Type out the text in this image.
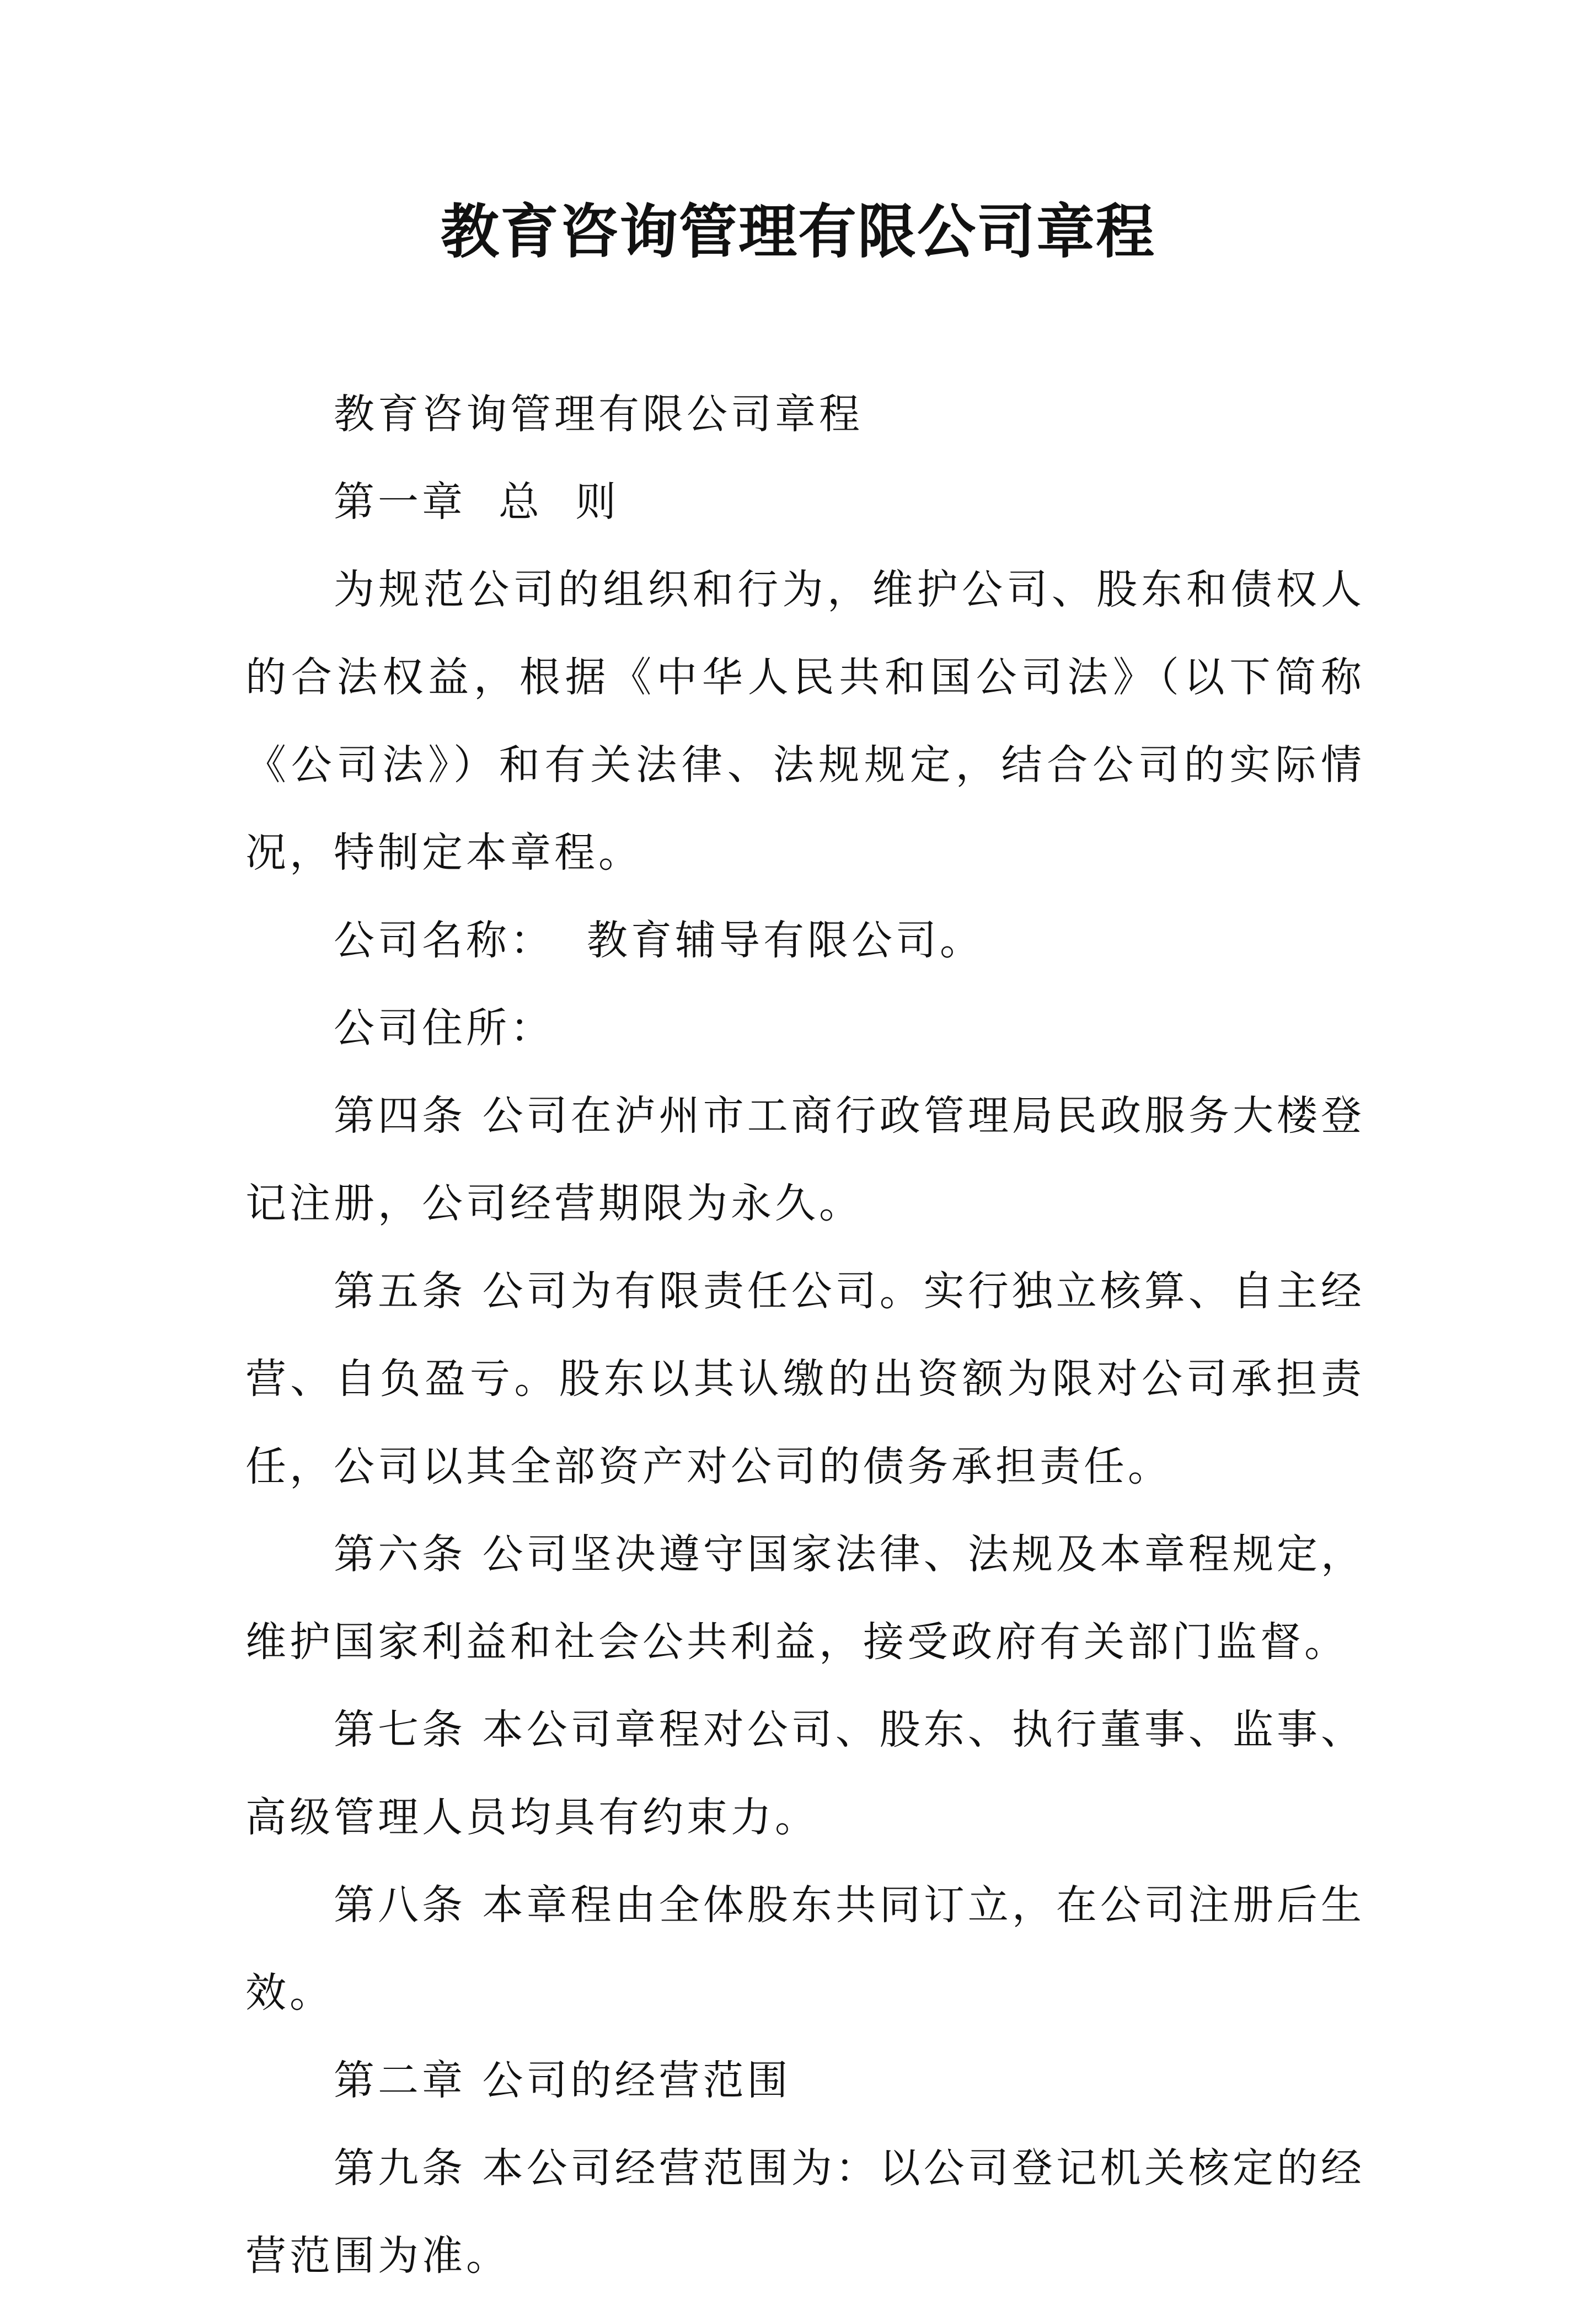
教育咨询管理有限公司章程

教育咨询管理有限公司章程

第一章  总  则

为规范公司的组织和行为，维护公司、股东和债权人的合法权益，根据《中华人民共和国公司法》（以下简称《公司法》）和有关法律、法规规定，结合公司的实际情况，特制定本章程。

公司名称：  教育辅导有限公司。

公司住所：

第四条 公司在泸州市工商行政管理局民政服务大楼登记注册，公司经营期限为永久。

第五条 公司为有限责任公司。实行独立核算、自主经营、自负盈亏。股东以其认缴的出资额为限对公司承担责任，公司以其全部资产对公司的债务承担责任。

第六条 公司坚决遵守国家法律、法规及本章程规定，维护国家利益和社会公共利益，接受政府有关部门监督。

第七条 本公司章程对公司、股东、执行董事、监事、高级管理人员均具有约束力。

第八条 本章程由全体股东共同订立，在公司注册后生效。

第二章 公司的经营范围

第九条 本公司经营范围为：以公司登记机关核定的经营范围为准。
